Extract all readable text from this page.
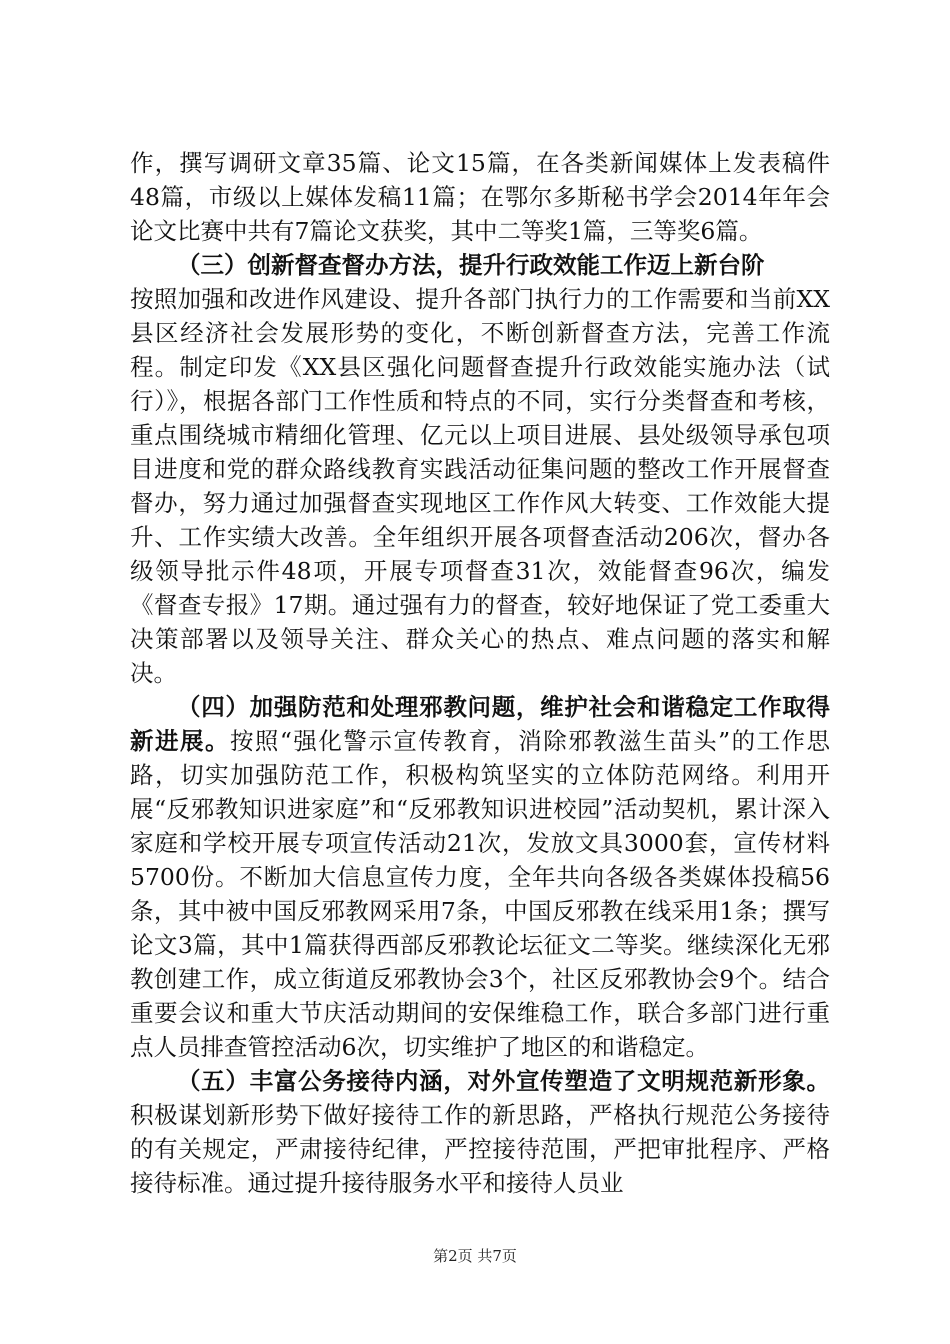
作，撰写调研文章35篇、论文15篇，在各类新闻媒体上发表稿件48篇，市级以上媒体发稿11篇；在鄂尔多斯秘书学会2014年年会论文比赛中共有7篇论文获奖，其中二等奖1篇，三等奖6篇。

（三）创新督查督办方法，提升行政效能工作迈上新台阶

按照加强和改进作风建设、提升各部门执行力的工作需要和当前XX县区经济社会发展形势的变化，不断创新督查方法，完善工作流程。制定印发《XX县区强化问题督查提升行政效能实施办法（试行）》，根据各部门工作性质和特点的不同，实行分类督查和考核，重点围绕城市精细化管理、亿元以上项目进展、县处级领导承包项目进度和党的群众路线教育实践活动征集问题的整改工作开展督查督办，努力通过加强督查实现地区工作作风大转变、工作效能大提升、工作实绩大改善。全年组织开展各项督查活动206次，督办各级领导批示件48项，开展专项督查31次，效能督查96次，编发《督查专报》17期。通过强有力的督查，较好地保证了党工委重大决策部署以及领导关注、群众关心的热点、难点问题的落实和解决。

（四）加强防范和处理邪教问题，维护社会和谐稳定工作取得新进展。按照“强化警示宣传教育，消除邪教滋生苗头”的工作思路，切实加强防范工作，积极构筑坚实的立体防范网络。利用开展“反邪教知识进家庭”和“反邪教知识进校园”活动契机，累计深入家庭和学校开展专项宣传活动21次，发放文具3000套，宣传材料5700份。不断加大信息宣传力度，全年共向各级各类媒体投稿56条，其中被中国反邪教网采用7条，中国反邪教在线采用1条；撰写论文3篇，其中1篇获得西部反邪教论坛征文二等奖。继续深化无邪教创建工作，成立街道反邪教协会3个，社区反邪教协会9个。结合重要会议和重大节庆活动期间的安保维稳工作，联合多部门进行重点人员排查管控活动6次，切实维护了地区的和谐稳定。

（五）丰富公务接待内涵，对外宣传塑造了文明规范新形象。积极谋划新形势下做好接待工作的新思路，严格执行规范公务接待的有关规定，严肃接待纪律，严控接待范围，严把审批程序、严格接待标准。通过提升接待服务水平和接待人员业

第2页 共7页
